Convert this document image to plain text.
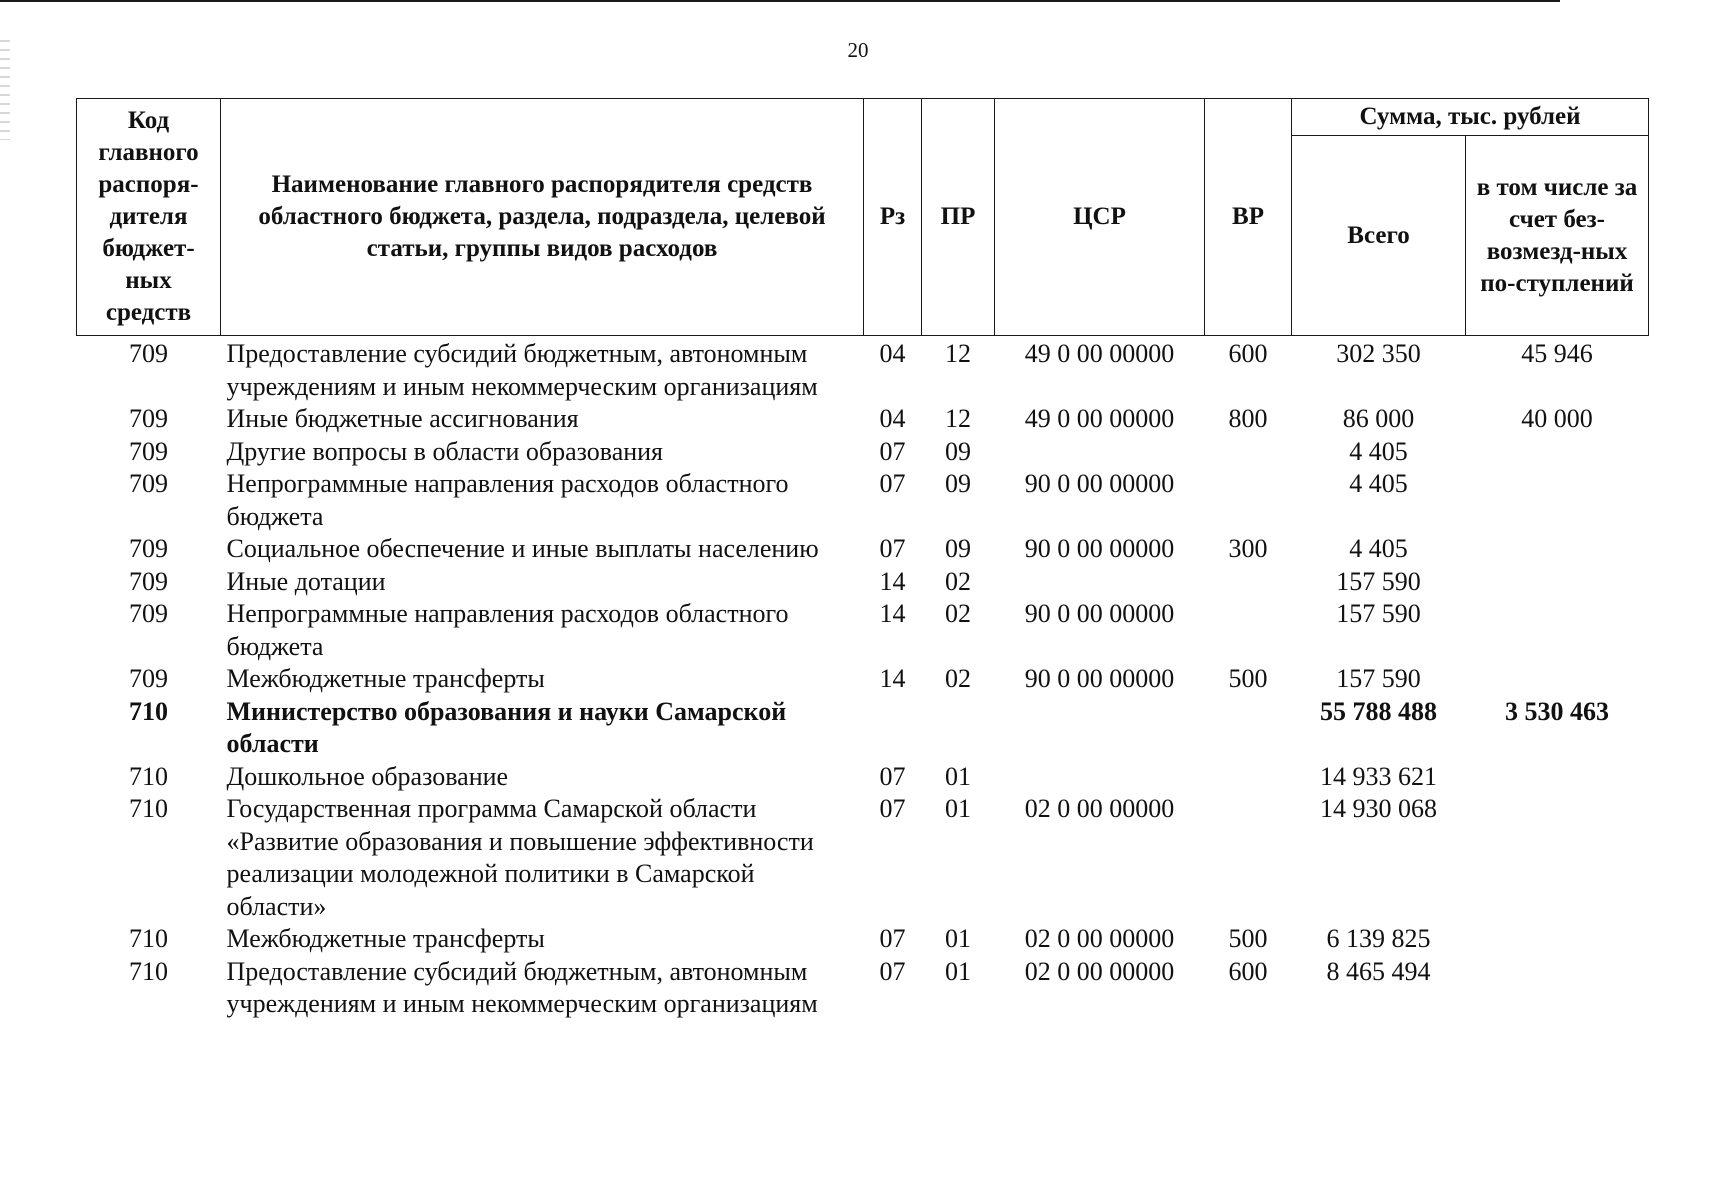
20
Код главного распоря-дителя бюджет-ных средств	Наименование главного распорядителя средств областного бюджета, раздела, подраздела, целевой статьи, группы видов расходов	Рз	ПР	ЦСР	ВР	Сумма, тыс. рублей	
						Всего	в том числе за счет без-возмезд-ных по-ступлений
709	Предоставление субсидий бюджетным, автономным учреждениям и иным некоммерческим организациям	04	12	49 0 00 00000	600	302 350	45 946
709	Иные бюджетные ассигнования	04	12	49 0 00 00000	800	86 000	40 000
709	Другие вопросы в области образования	07	09			4 405	
709	Непрограммные направления расходов областного бюджета	07	09	90 0 00 00000		4 405	
709	Социальное обеспечение и иные выплаты населению	07	09	90 0 00 00000	300	4 405	
709	Иные дотации	14	02			157 590	
709	Непрограммные направления расходов областного бюджета	14	02	90 0 00 00000		157 590	
709	Межбюджетные трансферты	14	02	90 0 00 00000	500	157 590	
710	Министерство образования и науки Самарской области					55 788 488	3 530 463
710	Дошкольное образование	07	01			14 933 621	
710	Государственная программа Самарской области «Развитие образования и повышение эффективности реализации молодежной политики в Самарской области»	07	01	02 0 00 00000		14 930 068	
710	Межбюджетные трансферты	07	01	02 0 00 00000	500	6 139 825	
710	Предоставление субсидий бюджетным, автономным учреждениям и иным некоммерческим организациям	07	01	02 0 00 00000	600	8 465 494	
